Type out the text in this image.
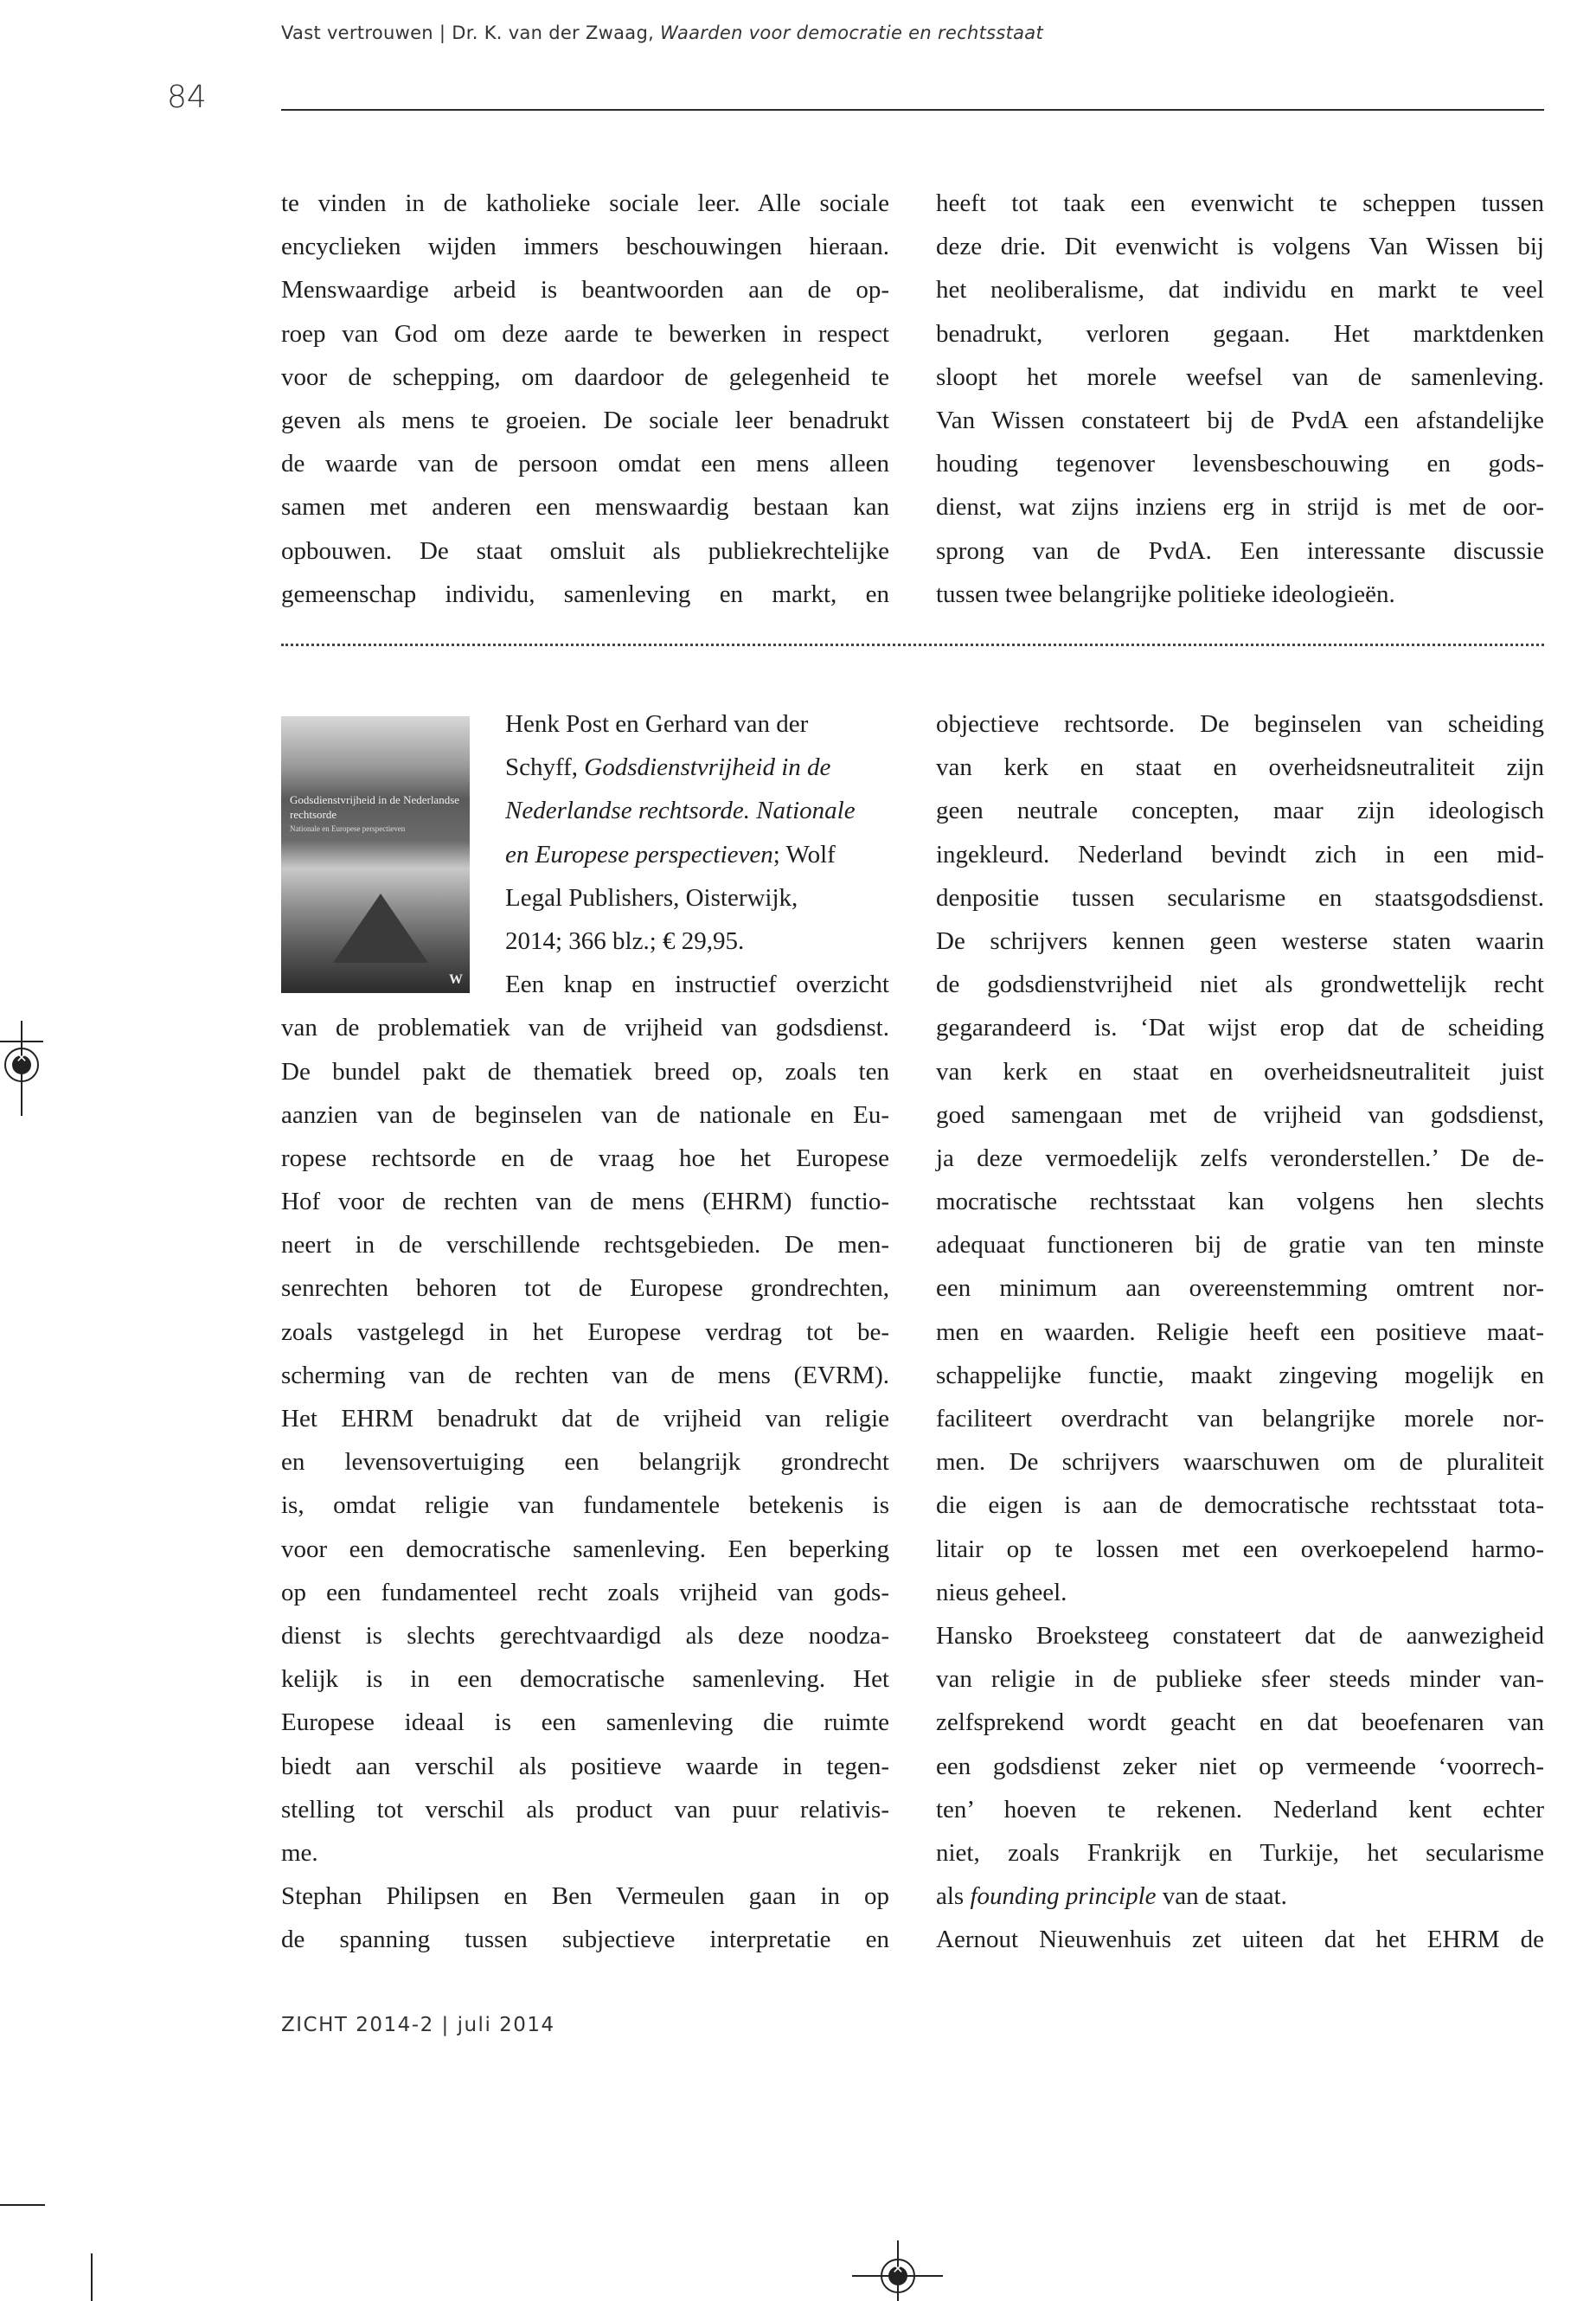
Vast vertrouwen | Dr. K. van der Zwaag, Waarden voor democratie en rechtsstaat
84
te vinden in de katholieke sociale leer. Alle sociale
encyclieken wijden immers beschouwingen hieraan.
Menswaardige arbeid is beantwoorden aan de op-
roep van God om deze aarde te bewerken in respect
voor de schepping, om daardoor de gelegenheid te
geven als mens te groeien. De sociale leer benadrukt
de waarde van de persoon omdat een mens alleen
samen met anderen een menswaardig bestaan kan
opbouwen. De staat omsluit als publiekrechtelijke
gemeenschap individu, samenleving en markt, en
heeft tot taak een evenwicht te scheppen tussen
deze drie. Dit evenwicht is volgens Van Wissen bij
het neoliberalisme, dat individu en markt te veel
benadrukt, verloren gegaan. Het marktdenken
sloopt het morele weefsel van de samenleving.
Van Wissen constateert bij de PvdA een afstandelijke
houding tegenover levensbeschouwing en gods-
dienst, wat zijns inziens erg in strijd is met de oor-
sprong van de PvdA. Een interessante discussie
tussen twee belangrijke politieke ideologieën.
Godsdienstvrijheid in de Nederlandse rechtsorde
Nationale en Europese perspectieven
W
Henk Post en Gerhard van der
Schyff, Godsdienstvrijheid in de
Nederlandse rechtsorde. Nationale
en Europese perspectieven; Wolf
Legal Publishers, Oisterwijk,
2014; 366 blz.; € 29,95.
Een knap en instructief overzicht
van de problematiek van de vrijheid van godsdienst.
De bundel pakt de thematiek breed op, zoals ten
aanzien van de beginselen van de nationale en Eu-
ropese rechtsorde en de vraag hoe het Europese
Hof voor de rechten van de mens (EHRM) functio-
neert in de verschillende rechtsgebieden. De men-
senrechten behoren tot de Europese grondrechten,
zoals vastgelegd in het Europese verdrag tot be-
scherming van de rechten van de mens (EVRM).
Het EHRM benadrukt dat de vrijheid van religie
en levensovertuiging een belangrijk grondrecht
is, omdat religie van fundamentele betekenis is
voor een democratische samenleving. Een beperking
op een fundamenteel recht zoals vrijheid van gods-
dienst is slechts gerechtvaardigd als deze noodza-
kelijk is in een democratische samenleving. Het
Europese ideaal is een samenleving die ruimte
biedt aan verschil als positieve waarde in tegen-
stelling tot verschil als product van puur relativis-
me.
Stephan Philipsen en Ben Vermeulen gaan in op
de spanning tussen subjectieve interpretatie en
objectieve rechtsorde. De beginselen van scheiding
van kerk en staat en overheidsneutraliteit zijn
geen neutrale concepten, maar zijn ideologisch
ingekleurd. Nederland bevindt zich in een mid-
denpositie tussen secularisme en staatsgodsdienst.
De schrijvers kennen geen westerse staten waarin
de godsdienstvrijheid niet als grondwettelijk recht
gegarandeerd is. ‘Dat wijst erop dat de scheiding
van kerk en staat en overheidsneutraliteit juist
goed samengaan met de vrijheid van godsdienst,
ja deze vermoedelijk zelfs veronderstellen.’ De de-
mocratische rechtsstaat kan volgens hen slechts
adequaat functioneren bij de gratie van ten minste
een minimum aan overeenstemming omtrent nor-
men en waarden. Religie heeft een positieve maat-
schappelijke functie, maakt zingeving mogelijk en
faciliteert overdracht van belangrijke morele nor-
men. De schrijvers waarschuwen om de pluraliteit
die eigen is aan de democratische rechtsstaat tota-
litair op te lossen met een overkoepelend harmo-
nieus geheel.
Hansko Broeksteeg constateert dat de aanwezigheid
van religie in de publieke sfeer steeds minder van-
zelfsprekend wordt geacht en dat beoefenaren van
een godsdienst zeker niet op vermeende ‘voorrech-
ten’ hoeven te rekenen. Nederland kent echter
niet, zoals Frankrijk en Turkije, het secularisme
als founding principle van de staat.
Aernout Nieuwenhuis zet uiteen dat het EHRM de
ZICHT 2014-2 | juli 2014
✕
✕
